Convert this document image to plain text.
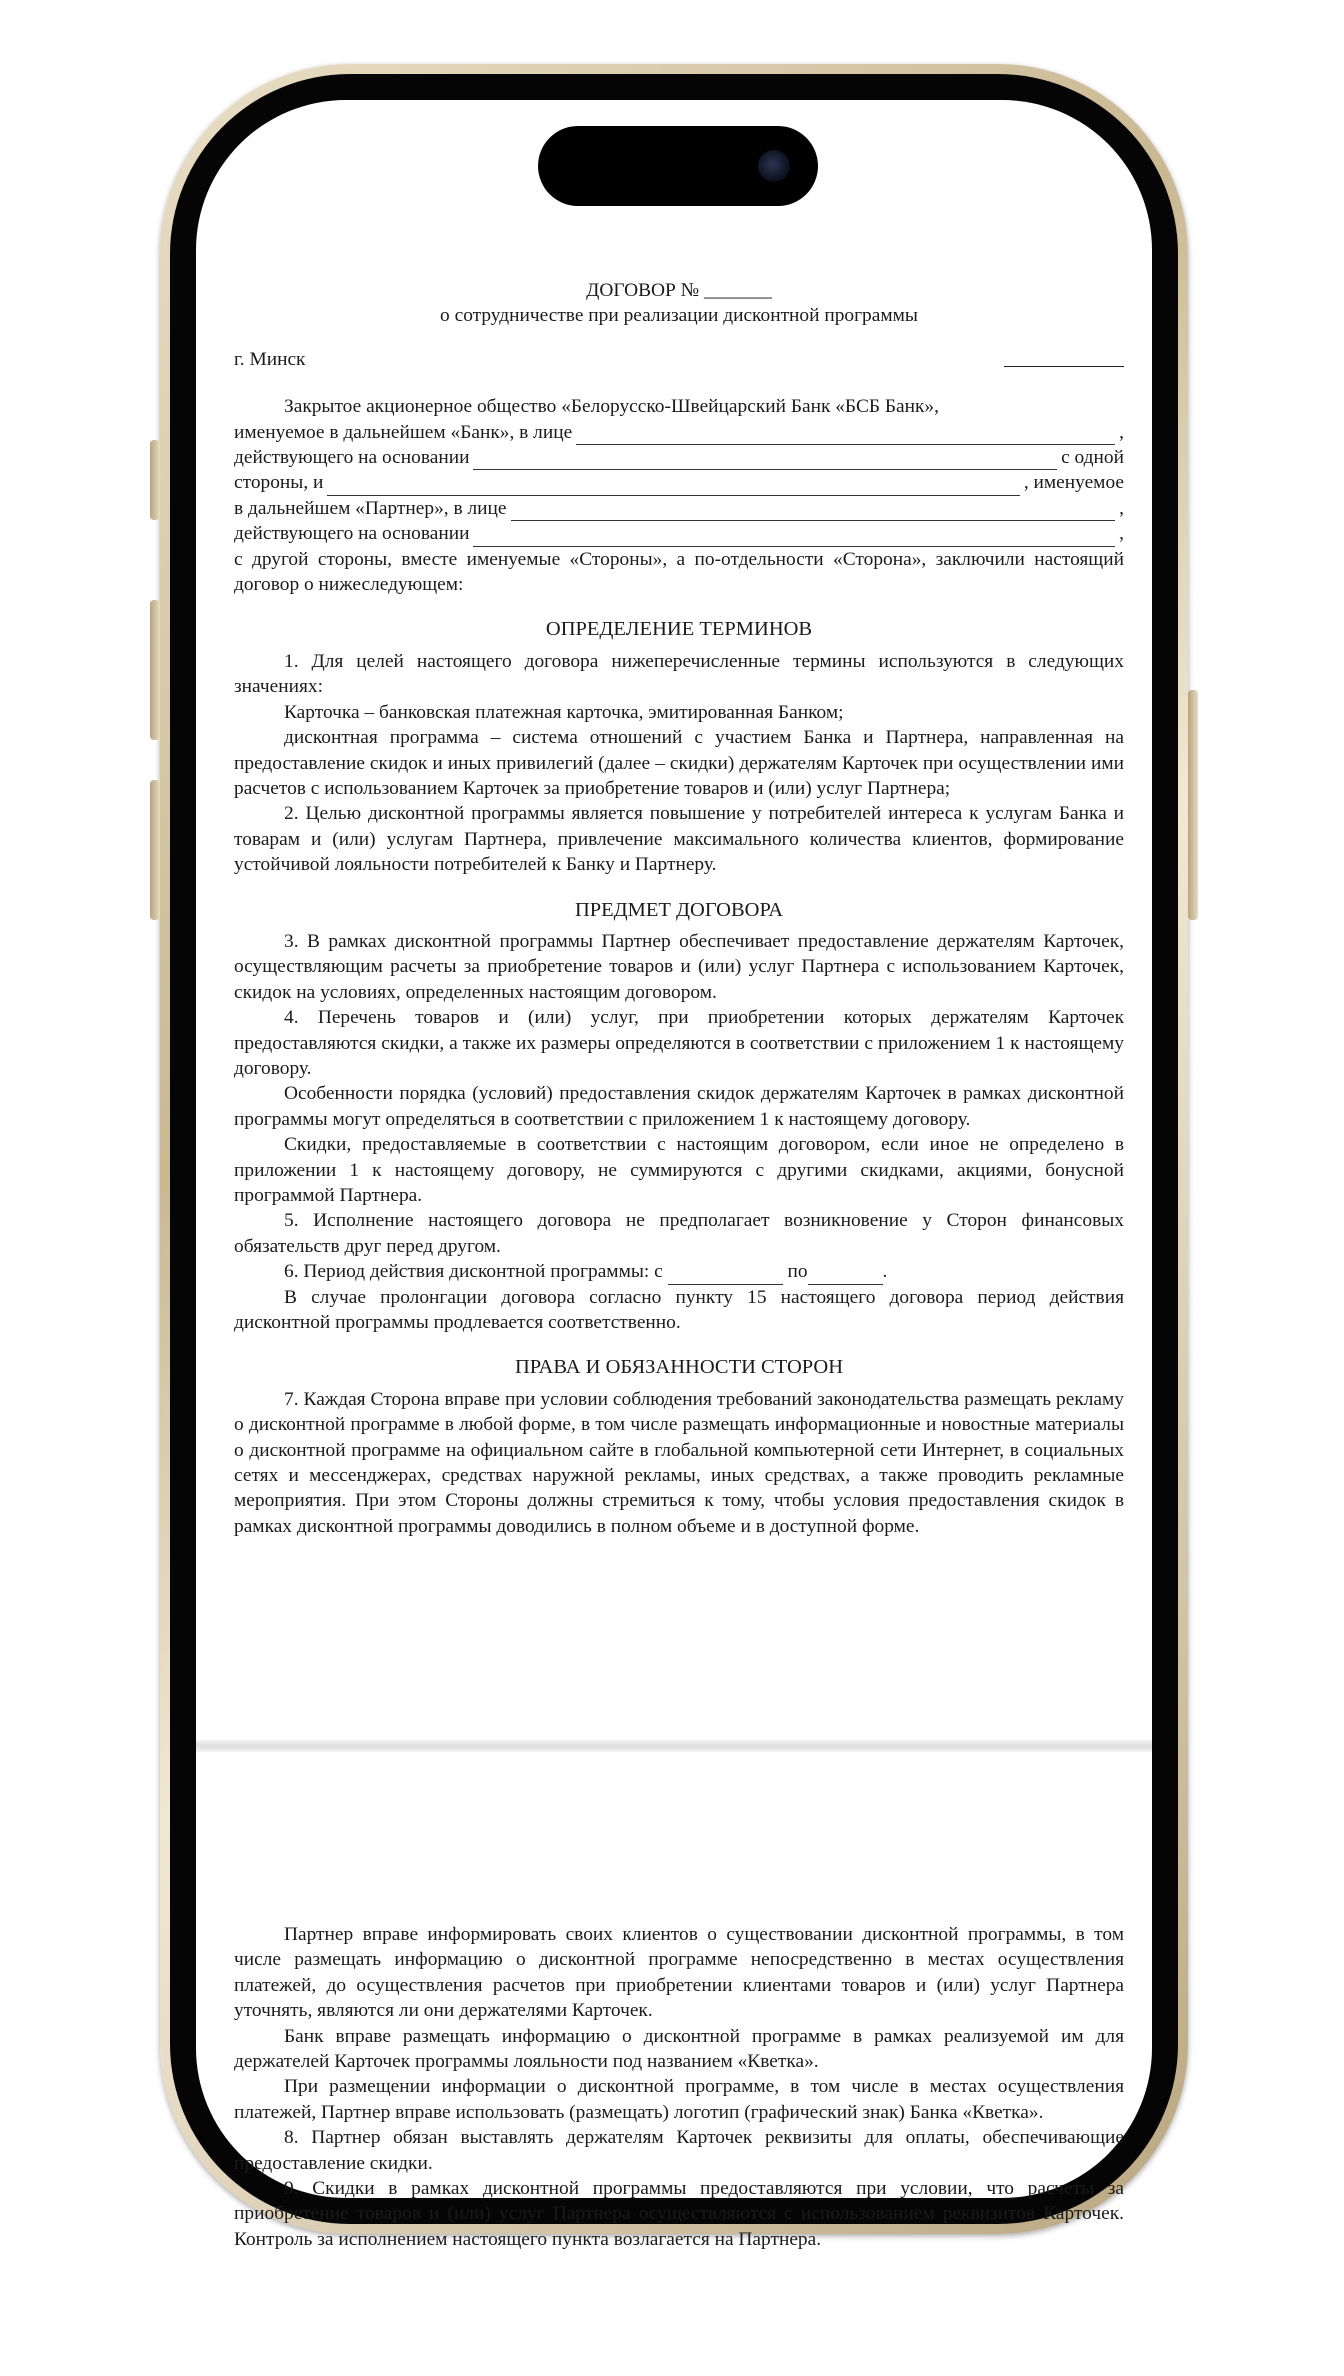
ДОГОВОР № _______

о сотрудничестве при реализации дисконтной программы

г. Минск

Закрытое акционерное общество «Белорусско-Швейцарский Банк «БСБ Банк»,

именуемое в дальнейшем «Банк», в лице	,
действующего на основании	с одной
стороны, и	, именуемое
в дальнейшем «Партнер», в лице	,
действующего на основании	,

с другой стороны, вместе именуемые «Стороны», а по-отдельности «Сторона», заключили настоящий договор о нижеследующем:

ОПРЕДЕЛЕНИЕ ТЕРМИНОВ

1. Для целей настоящего договора нижеперечисленные термины используются в следующих значениях:

Карточка – банковская платежная карточка, эмитированная Банком;

дисконтная программа – система отношений с участием Банка и Партнера, направленная на предоставление скидок и иных привилегий (далее – скидки) держателям Карточек при осуществлении ими расчетов с использованием Карточек за приобретение товаров и (или) услуг Партнера;

2. Целью дисконтной программы является повышение у потребителей интереса к услугам Банка и товарам и (или) услугам Партнера, привлечение максимального количества клиентов, формирование устойчивой лояльности потребителей к Банку и Партнеру.

ПРЕДМЕТ ДОГОВОРА

3. В рамках дисконтной программы Партнер обеспечивает предоставление держателям Карточек, осуществляющим расчеты за приобретение товаров и (или) услуг Партнера с использованием Карточек, скидок на условиях, определенных настоящим договором.

4. Перечень товаров и (или) услуг, при приобретении которых держателям Карточек предоставляются скидки, а также их размеры определяются в соответствии с приложением 1 к настоящему договору.

Особенности порядка (условий) предоставления скидок держателям Карточек в рамках дисконтной программы могут определяться в соответствии с приложением 1 к настоящему договору.

Скидки, предоставляемые в соответствии с настоящим договором, если иное не определено в приложении 1 к настоящему договору, не суммируются с другими скидками, акциями, бонусной программой Партнера.

5. Исполнение настоящего договора не предполагает возникновение у Сторон финансовых обязательств друг перед другом.

6. Период действия дисконтной программы: с	по	.

В случае пролонгации договора согласно пункту 15 настоящего договора период действия дисконтной программы продлевается соответственно.

ПРАВА И ОБЯЗАННОСТИ СТОРОН

7. Каждая Сторона вправе при условии соблюдения требований законодательства размещать рекламу о дисконтной программе в любой форме, в том числе размещать информационные и новостные материалы о дисконтной программе на официальном сайте в глобальной компьютерной сети Интернет, в социальных сетях и мессенджерах, средствах наружной рекламы, иных средствах, а также проводить рекламные мероприятия. При этом Стороны должны стремиться к тому, чтобы условия предоставления скидок в рамках дисконтной программы доводились в полном объеме и в доступной форме.

Партнер вправе информировать своих клиентов о существовании дисконтной программы, в том числе размещать информацию о дисконтной программе непосредственно в местах осуществления платежей, до осуществления расчетов при приобретении клиентами товаров и (или) услуг Партнера уточнять, являются ли они держателями Карточек.

Банк вправе размещать информацию о дисконтной программе в рамках реализуемой им для держателей Карточек программы лояльности под названием «Кветка».

При размещении информации о дисконтной программе, в том числе в местах осуществления платежей, Партнер вправе использовать (размещать) логотип (графический знак) Банка «Кветка».

8. Партнер обязан выставлять держателям Карточек реквизиты для оплаты, обеспечивающие предоставление скидки.

9. Скидки в рамках дисконтной программы предоставляются при условии, что расчеты за приобретение товаров и (или) услуг Партнера осуществляются с использованием реквизитов Карточек. Контроль за исполнением настоящего пункта возлагается на Партнера.
